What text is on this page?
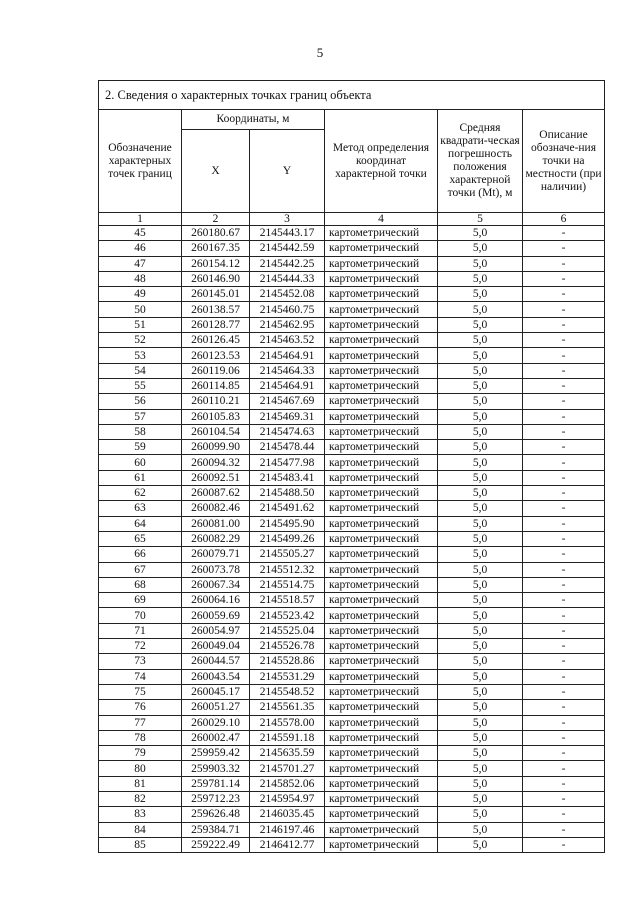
5
2. Сведения о характерных точках границ объекта					
Обозначение характерных точек границ	Координаты, м		Метод определения координат характерной точки	Средняя квадрати-ческая погрешность положения характерной точки (Mt), м	Описание обозначе-ния точки на местности (при наличии)
	X	Y			
1	2	3	4	5	6
45	260180.67	2145443.17	картометрический	5,0	-
46	260167.35	2145442.59	картометрический	5,0	-
47	260154.12	2145442.25	картометрический	5,0	-
48	260146.90	2145444.33	картометрический	5,0	-
49	260145.01	2145452.08	картометрический	5,0	-
50	260138.57	2145460.75	картометрический	5,0	-
51	260128.77	2145462.95	картометрический	5,0	-
52	260126.45	2145463.52	картометрический	5,0	-
53	260123.53	2145464.91	картометрический	5,0	-
54	260119.06	2145464.33	картометрический	5,0	-
55	260114.85	2145464.91	картометрический	5,0	-
56	260110.21	2145467.69	картометрический	5,0	-
57	260105.83	2145469.31	картометрический	5,0	-
58	260104.54	2145474.63	картометрический	5,0	-
59	260099.90	2145478.44	картометрический	5,0	-
60	260094.32	2145477.98	картометрический	5,0	-
61	260092.51	2145483.41	картометрический	5,0	-
62	260087.62	2145488.50	картометрический	5,0	-
63	260082.46	2145491.62	картометрический	5,0	-
64	260081.00	2145495.90	картометрический	5,0	-
65	260082.29	2145499.26	картометрический	5,0	-
66	260079.71	2145505.27	картометрический	5,0	-
67	260073.78	2145512.32	картометрический	5,0	-
68	260067.34	2145514.75	картометрический	5,0	-
69	260064.16	2145518.57	картометрический	5,0	-
70	260059.69	2145523.42	картометрический	5,0	-
71	260054.97	2145525.04	картометрический	5,0	-
72	260049.04	2145526.78	картометрический	5,0	-
73	260044.57	2145528.86	картометрический	5,0	-
74	260043.54	2145531.29	картометрический	5,0	-
75	260045.17	2145548.52	картометрический	5,0	-
76	260051.27	2145561.35	картометрический	5,0	-
77	260029.10	2145578.00	картометрический	5,0	-
78	260002.47	2145591.18	картометрический	5,0	-
79	259959.42	2145635.59	картометрический	5,0	-
80	259903.32	2145701.27	картометрический	5,0	-
81	259781.14	2145852.06	картометрический	5,0	-
82	259712.23	2145954.97	картометрический	5,0	-
83	259626.48	2146035.45	картометрический	5,0	-
84	259384.71	2146197.46	картометрический	5,0	-
85	259222.49	2146412.77	картометрический	5,0	-
